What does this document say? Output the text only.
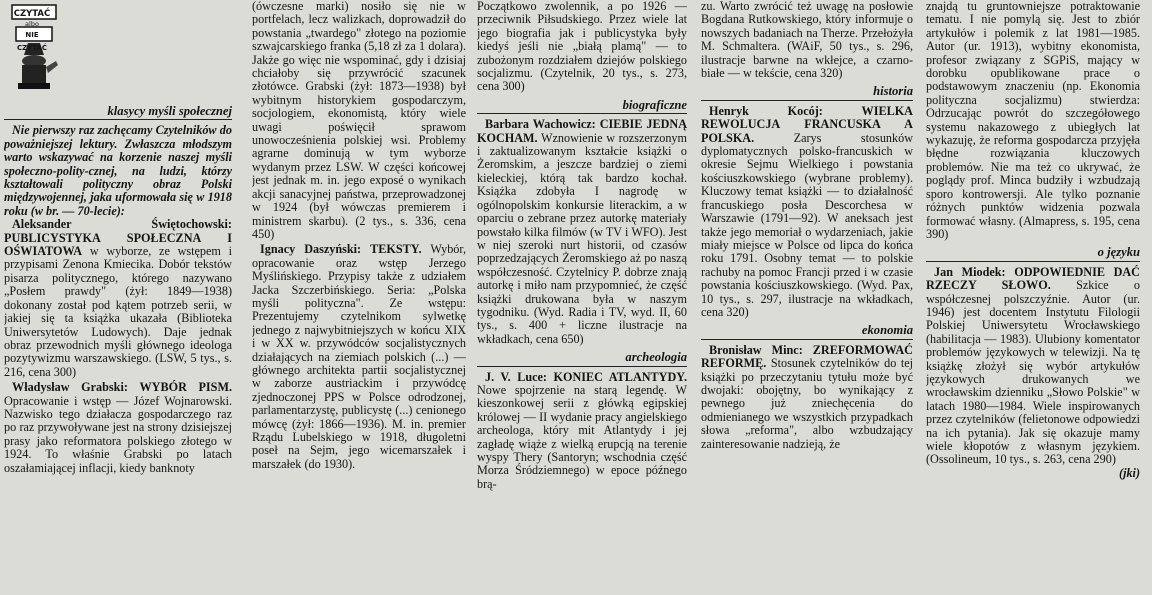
CZYTAĆ
albo
NIE CZYTAĆ
klasycy myśli społecznej

Nie pierwszy raz zachęcamy Czytelników do poważniejszej lektury. Zwłaszcza młodszym warto wskazywać na korzenie naszej myśli społeczno-polity-cznej, na ludzi, którzy kształtowali polityczny obraz Polski międzywojennej, jaka uformowała się w 1918 roku (w br. — 70-lecie):

Aleksander Świętochowski: PUBLICYSTYKA SPOŁECZNA I OŚWIATOWA w wyborze, ze wstępem i przypisami Zenona Kmiecika. Dobór tekstów pisarza politycznego, którego nazywano „Posłem prawdy" (żył: 1849—1938) dokonany został pod kątem potrzeb serii, w jakiej się ta książka ukazała (Biblioteka Uniwersytetów Ludowych). Daje jednak obraz przewodnich myśli głównego ideologa pozytywizmu warszawskiego. (LSW, 5 tys., s. 216, cena 300)

Władysław Grabski: WYBÓR PISM. Opracowanie i wstęp — Józef Wojnarowski. Nazwisko tego działacza gospodarczego raz po raz przywoływane jest na strony dzisiejszej prasy jako reformatora polskiego złotego w 1924. To właśnie Grabski po latach oszałamiającej inflacji, kiedy banknoty

(ówczesne marki) nosiło się nie w portfelach, lecz walizkach, doprowadził do powstania „twardego" złotego na poziomie szwajcarskiego franka (5,18 zł za 1 dolara). Jakże go więc nie wspominać, gdy i dzisiaj chciałoby się przywrócić szacunek złotówce. Grabski (żył: 1873—1938) był wybitnym historykiem gospodarczym, socjologiem, ekonomistą, który wiele uwagi poświęcił sprawom unowocześnienia polskiej wsi. Problemy agrarne dominują w tym wyborze wydanym przez LSW. W części końcowej jest jednak m. in. jego exposé o wynikach akcji sanacyjnej państwa, przeprowadzonej w 1924 (był wówczas premierem i ministrem skarbu). (2 tys., s. 336, cena 450)

Ignacy Daszyński: TEKSTY. Wybór, opracowanie oraz wstęp Jerzego Myślińskiego. Przypisy także z udziałem Jacka Szczerbińskiego. Seria: „Polska myśli polityczna". Ze wstępu: Prezentujemy czytelnikom sylwetkę jednego z najwybitniejszych w końcu XIX i w XX w. przywódców socjalistycznych działających na ziemiach polskich (...) — głównego architekta partii socjalistycznej w zaborze austriackim i przywódcę zjednoczonej PPS w Polsce odrodzonej, parlamentarzystę, publicystę (...) cenionego mówcę (żył: 1866—1936). M. in. premier Rządu Lubelskiego w 1918, długoletni poseł na Sejm, jego wicemarszałek i marszałek (do 1930).

Początkowo zwolennik, a po 1926 — przeciwnik Piłsudskiego. Przez wiele lat jego biografia jak i publicystyka były kiedyś jeśli nie „białą plamą" — to zubożonym rozdziałem dziejów polskiego socjalizmu. (Czytelnik, 20 tys., s. 273, cena 300)

biograficzne

Barbara Wachowicz: CIEBIE JEDNĄ KOCHAM. Wznowienie w rozszerzonym i zaktualizowanym kształcie książki o Żeromskim, a jeszcze bardziej o ziemi kieleckiej, którą tak bardzo kochał. Książka zdobyła I nagrodę w ogólnopolskim konkursie literackim, a w oparciu o zebrane przez autorkę materiały powstało kilka filmów (w TV i WFO). Jest w niej szeroki nurt historii, od czasów poprzedzających Żeromskiego aż po naszą współczesność. Czytelnicy P. dobrze znają autorkę i miło nam przypomnieć, że część książki drukowana była w naszym tygodniku. (Wyd. Radia i TV, wyd. II, 60 tys., s. 400 + liczne ilustracje na wkładkach, cena 650)

archeologia

J. V. Luce: KONIEC ATLANTYDY. Nowe spojrzenie na starą legendę. W kieszonkowej serii z główką egipskiej królowej — II wydanie pracy angielskiego archeologa, który mit Atlantydy i jej zagładę wiąże z wielką erupcją na terenie wyspy Thery (Santoryn; wschodnia część Morza Śródziemnego) w epoce późnego brą-

zu. Warto zwrócić też uwagę na posłowie Bogdana Rutkowskiego, który informuje o nowszych badaniach na Therze. Przełożyła M. Schmaltera. (WAiF, 50 tys., s. 296, ilustracje barwne na wkłejce, a czarno-białe — w tekście, cena 320)

historia

Henryk Kocój:	WIELKA REWOLUCJA FRANCUSKA A POLSKA.	Zarys stosunków dyplomatycznych polsko-francuskich w okresie Sejmu Wielkiego i powstania kościuszkowskiego (wybrane problemy). Kluczowy temat książki — to działalność francuskiego posła Descorchesa w Warszawie (1791—92). W aneksach jest także jego memoriał o wydarzeniach, jakie miały miejsce w Polsce od lipca do końca roku 1791. Osobny temat — to polskie rachuby na pomoc Francji przed i w czasie powstania kościuszkowskiego. (Wyd. Pax, 10 tys., s. 297, ilustracje na wkładkach, cena 320)

ekonomia

Bronisław Minc: ZREFORMOWAĆ REFORMĘ. Stosunek czytelników do tej książki po przeczytaniu tytułu może być dwojaki: obojętny, bo wynikający z pewnego już zniechęcenia do odmienianego we wszystkich przypadkach słowa „reforma", albo wzbudzający zainteresowanie nadzieją, że

znajdą tu gruntowniejsze potraktowanie tematu. I nie pomylą się. Jest to zbiór artykułów i polemik z lat 1981—1985. Autor (ur. 1913), wybitny ekonomista, profesor związany z SGPiS, mający w dorobku opublikowane prace o podstawowym znaczeniu (np. Ekonomia polityczna socjalizmu) stwierdza: Odrzucając powrót do szczegółowego systemu nakazowego z ubiegłych lat wykazuję, że reforma gospodarcza przyjęła błędne rozwiązania kluczowych problemów. Nie ma też co ukrywać, że poglądy prof. Minca budziły i wzbudzają sporo kontrowersji. Ale tylko poznanie różnych punktów widzenia pozwala formować własny. (Almapress, s. 195, cena 390)

o języku

Jan Miodek: ODPOWIEDNIE DAĆ RZECZY SŁOWO. Szkice o współczesnej polszczyźnie. Autor (ur. 1946) jest docentem Instytutu Filologii Polskiej Uniwersytetu Wrocławskiego (habilitacja — 1983). Ulubiony komentator problemów językowych w telewizji. Na tę książkę złożył się wybór artykułów językowych drukowanych we wrocławskim dzienniku „Słowo Polskie" w latach 1980—1984. Wiele inspirowanych przez czytelników (felietonowe odpowiedzi na ich pytania). Jak się okazuje mamy wiele kłopotów z własnym językiem. (Ossolineum, 10 tys., s. 263, cena 290)

(jki)
